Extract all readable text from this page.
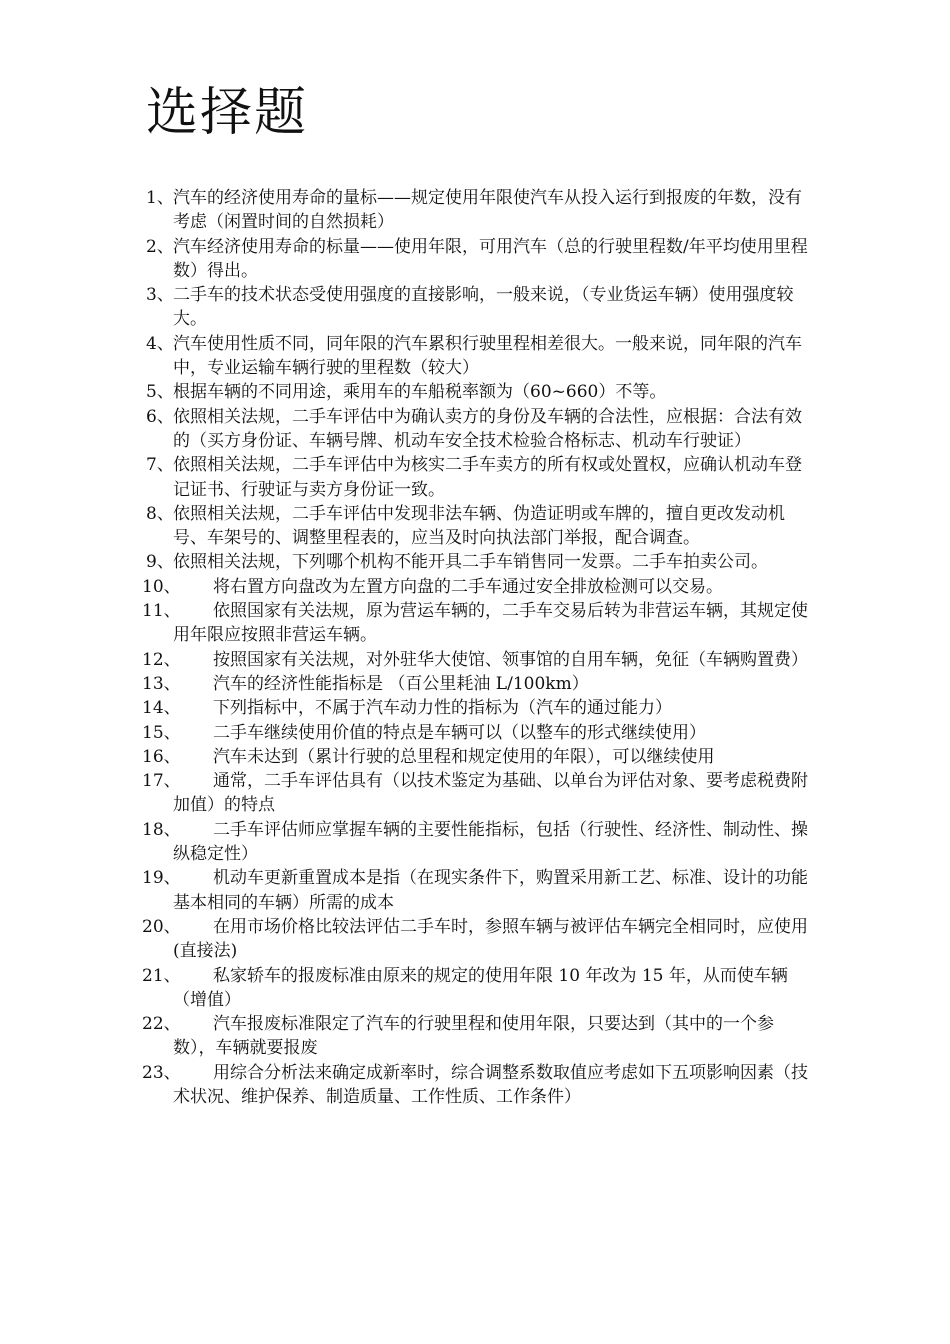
选择题
1、 汽车的经济使用寿命的量标——规定使用年限使汽车从投入运行到报废的年数，没有考虑（闲置时间的自然损耗）
2、 汽车经济使用寿命的标量——使用年限，可用汽车（总的行驶里程数/年平均使用里程数）得出。
3、 二手车的技术状态受使用强度的直接影响，一般来说，（专业货运车辆）使用强度较大。
4、 汽车使用性质不同，同年限的汽车累积行驶里程相差很大。一般来说，同年限的汽车中，专业运输车辆行驶的里程数（较大）
5、 根据车辆的不同用途，乘用车的车船税率额为（60~660）不等。
6、 依照相关法规，二手车评估中为确认卖方的身份及车辆的合法性，应根据：合法有效的（买方身份证、车辆号牌、机动车安全技术检验合格标志、机动车行驶证）
7、 依照相关法规，二手车评估中为核实二手车卖方的所有权或处置权，应确认机动车登记证书、行驶证与卖方身份证一致。
8、 依照相关法规，二手车评估中发现非法车辆、伪造证明或车牌的，擅自更改发动机号、车架号的、调整里程表的，应当及时向执法部门举报，配合调查。
9、 依照相关法规，下列哪个机构不能开具二手车销售同一发票。二手车拍卖公司。
10、	将右置方向盘改为左置方向盘的二手车通过安全排放检测可以交易。
11、	依照国家有关法规，原为营运车辆的，二手车交易后转为非营运车辆，其规定使用年限应按照非营运车辆。
12、	按照国家有关法规，对外驻华大使馆、领事馆的自用车辆，免征（车辆购置费）
13、	汽车的经济性能指标是 （百公里耗油 L/100km）
14、	下列指标中，不属于汽车动力性的指标为（汽车的通过能力）
15、	二手车继续使用价值的特点是车辆可以（以整车的形式继续使用）
16、	汽车未达到（累计行驶的总里程和规定使用的年限），可以继续使用
17、	通常，二手车评估具有（以技术鉴定为基础、以单台为评估对象、要考虑税费附加值）的特点
18、	二手车评估师应掌握车辆的主要性能指标，包括（行驶性、经济性、制动性、操纵稳定性）
19、	机动车更新重置成本是指（在现实条件下，购置采用新工艺、标准、设计的功能基本相同的车辆）所需的成本
20、	在用市场价格比较法评估二手车时，参照车辆与被评估车辆完全相同时，应使用(直接法)
21、	私家轿车的报废标准由原来的规定的使用年限 10 年改为 15 年，从而使车辆（增值）
22、	汽车报废标准限定了汽车的行驶里程和使用年限，只要达到（其中的一个参数），车辆就要报废
23、	用综合分析法来确定成新率时，综合调整系数取值应考虑如下五项影响因素（技术状况、维护保养、制造质量、工作性质、工作条件）
